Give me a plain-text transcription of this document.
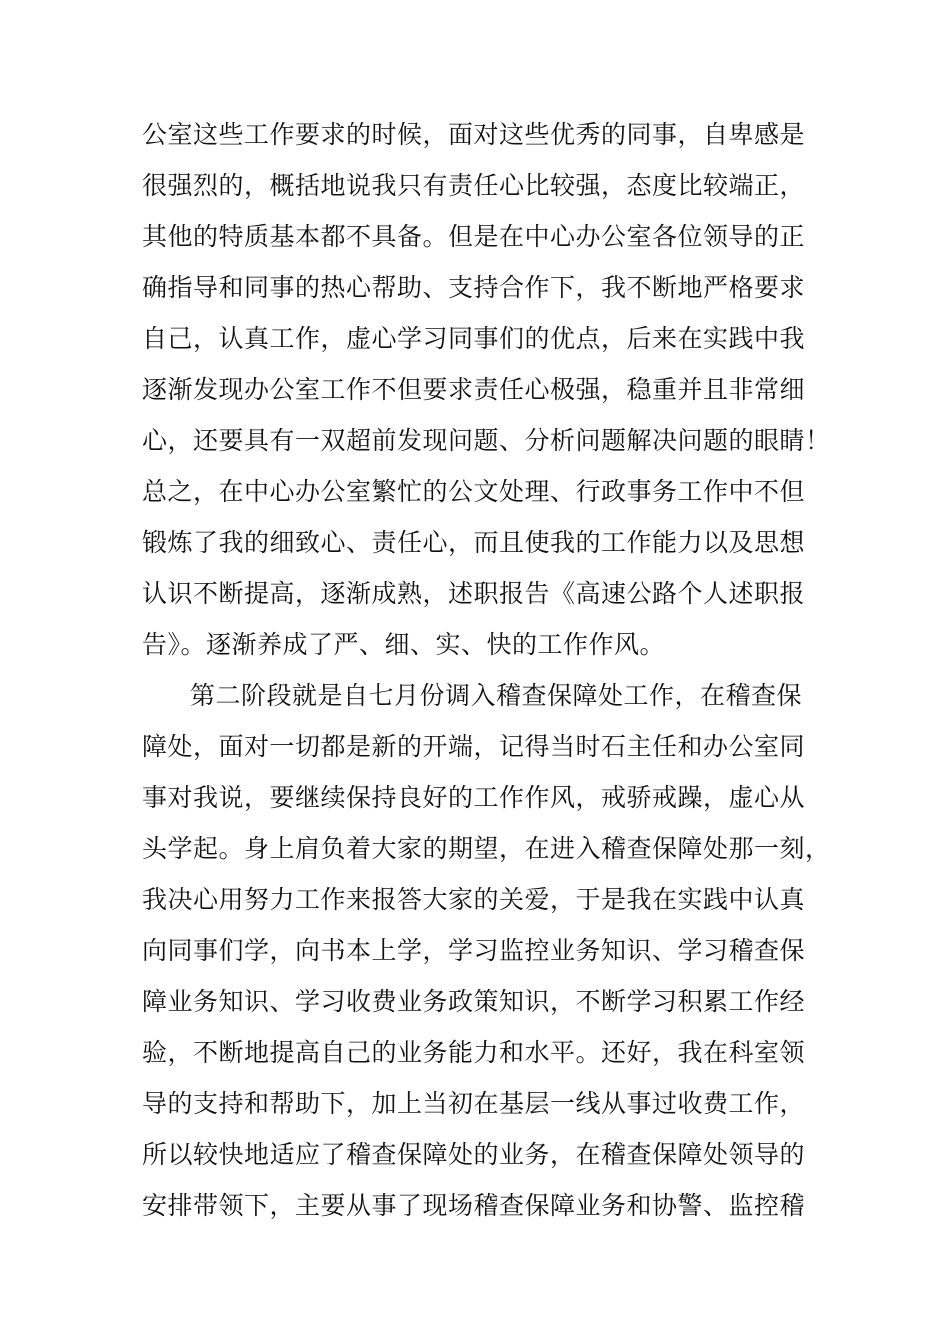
公室这些工作要求的时候，面对这些优秀的同事，自卑感是
很强烈的，概括地说我只有责任心比较强，态度比较端正，
其他的特质基本都不具备。但是在中心办公室各位领导的正
确指导和同事的热心帮助、支持合作下，我不断地严格要求
自己，认真工作，虚心学习同事们的优点，后来在实践中我
逐渐发现办公室工作不但要求责任心极强，稳重并且非常细
心，还要具有一双超前发现问题、分析问题解决问题的眼睛！
总之，在中心办公室繁忙的公文处理、行政事务工作中不但
锻炼了我的细致心、责任心，而且使我的工作能力以及思想
认识不断提高，逐渐成熟，述职报告《高速公路个人述职报
告》。逐渐养成了严、细、实、快的工作作风。
第二阶段就是自七月份调入稽查保障处工作，在稽查保
障处，面对一切都是新的开端，记得当时石主任和办公室同
事对我说，要继续保持良好的工作作风，戒骄戒躁，虚心从
头学起。身上肩负着大家的期望，在进入稽查保障处那一刻，
我决心用努力工作来报答大家的关爱，于是我在实践中认真
向同事们学，向书本上学，学习监控业务知识、学习稽查保
障业务知识、学习收费业务政策知识，不断学习积累工作经
验，不断地提高自己的业务能力和水平。还好，我在科室领
导的支持和帮助下，加上当初在基层一线从事过收费工作，
所以较快地适应了稽查保障处的业务，在稽查保障处领导的
安排带领下，主要从事了现场稽查保障业务和协警、监控稽
